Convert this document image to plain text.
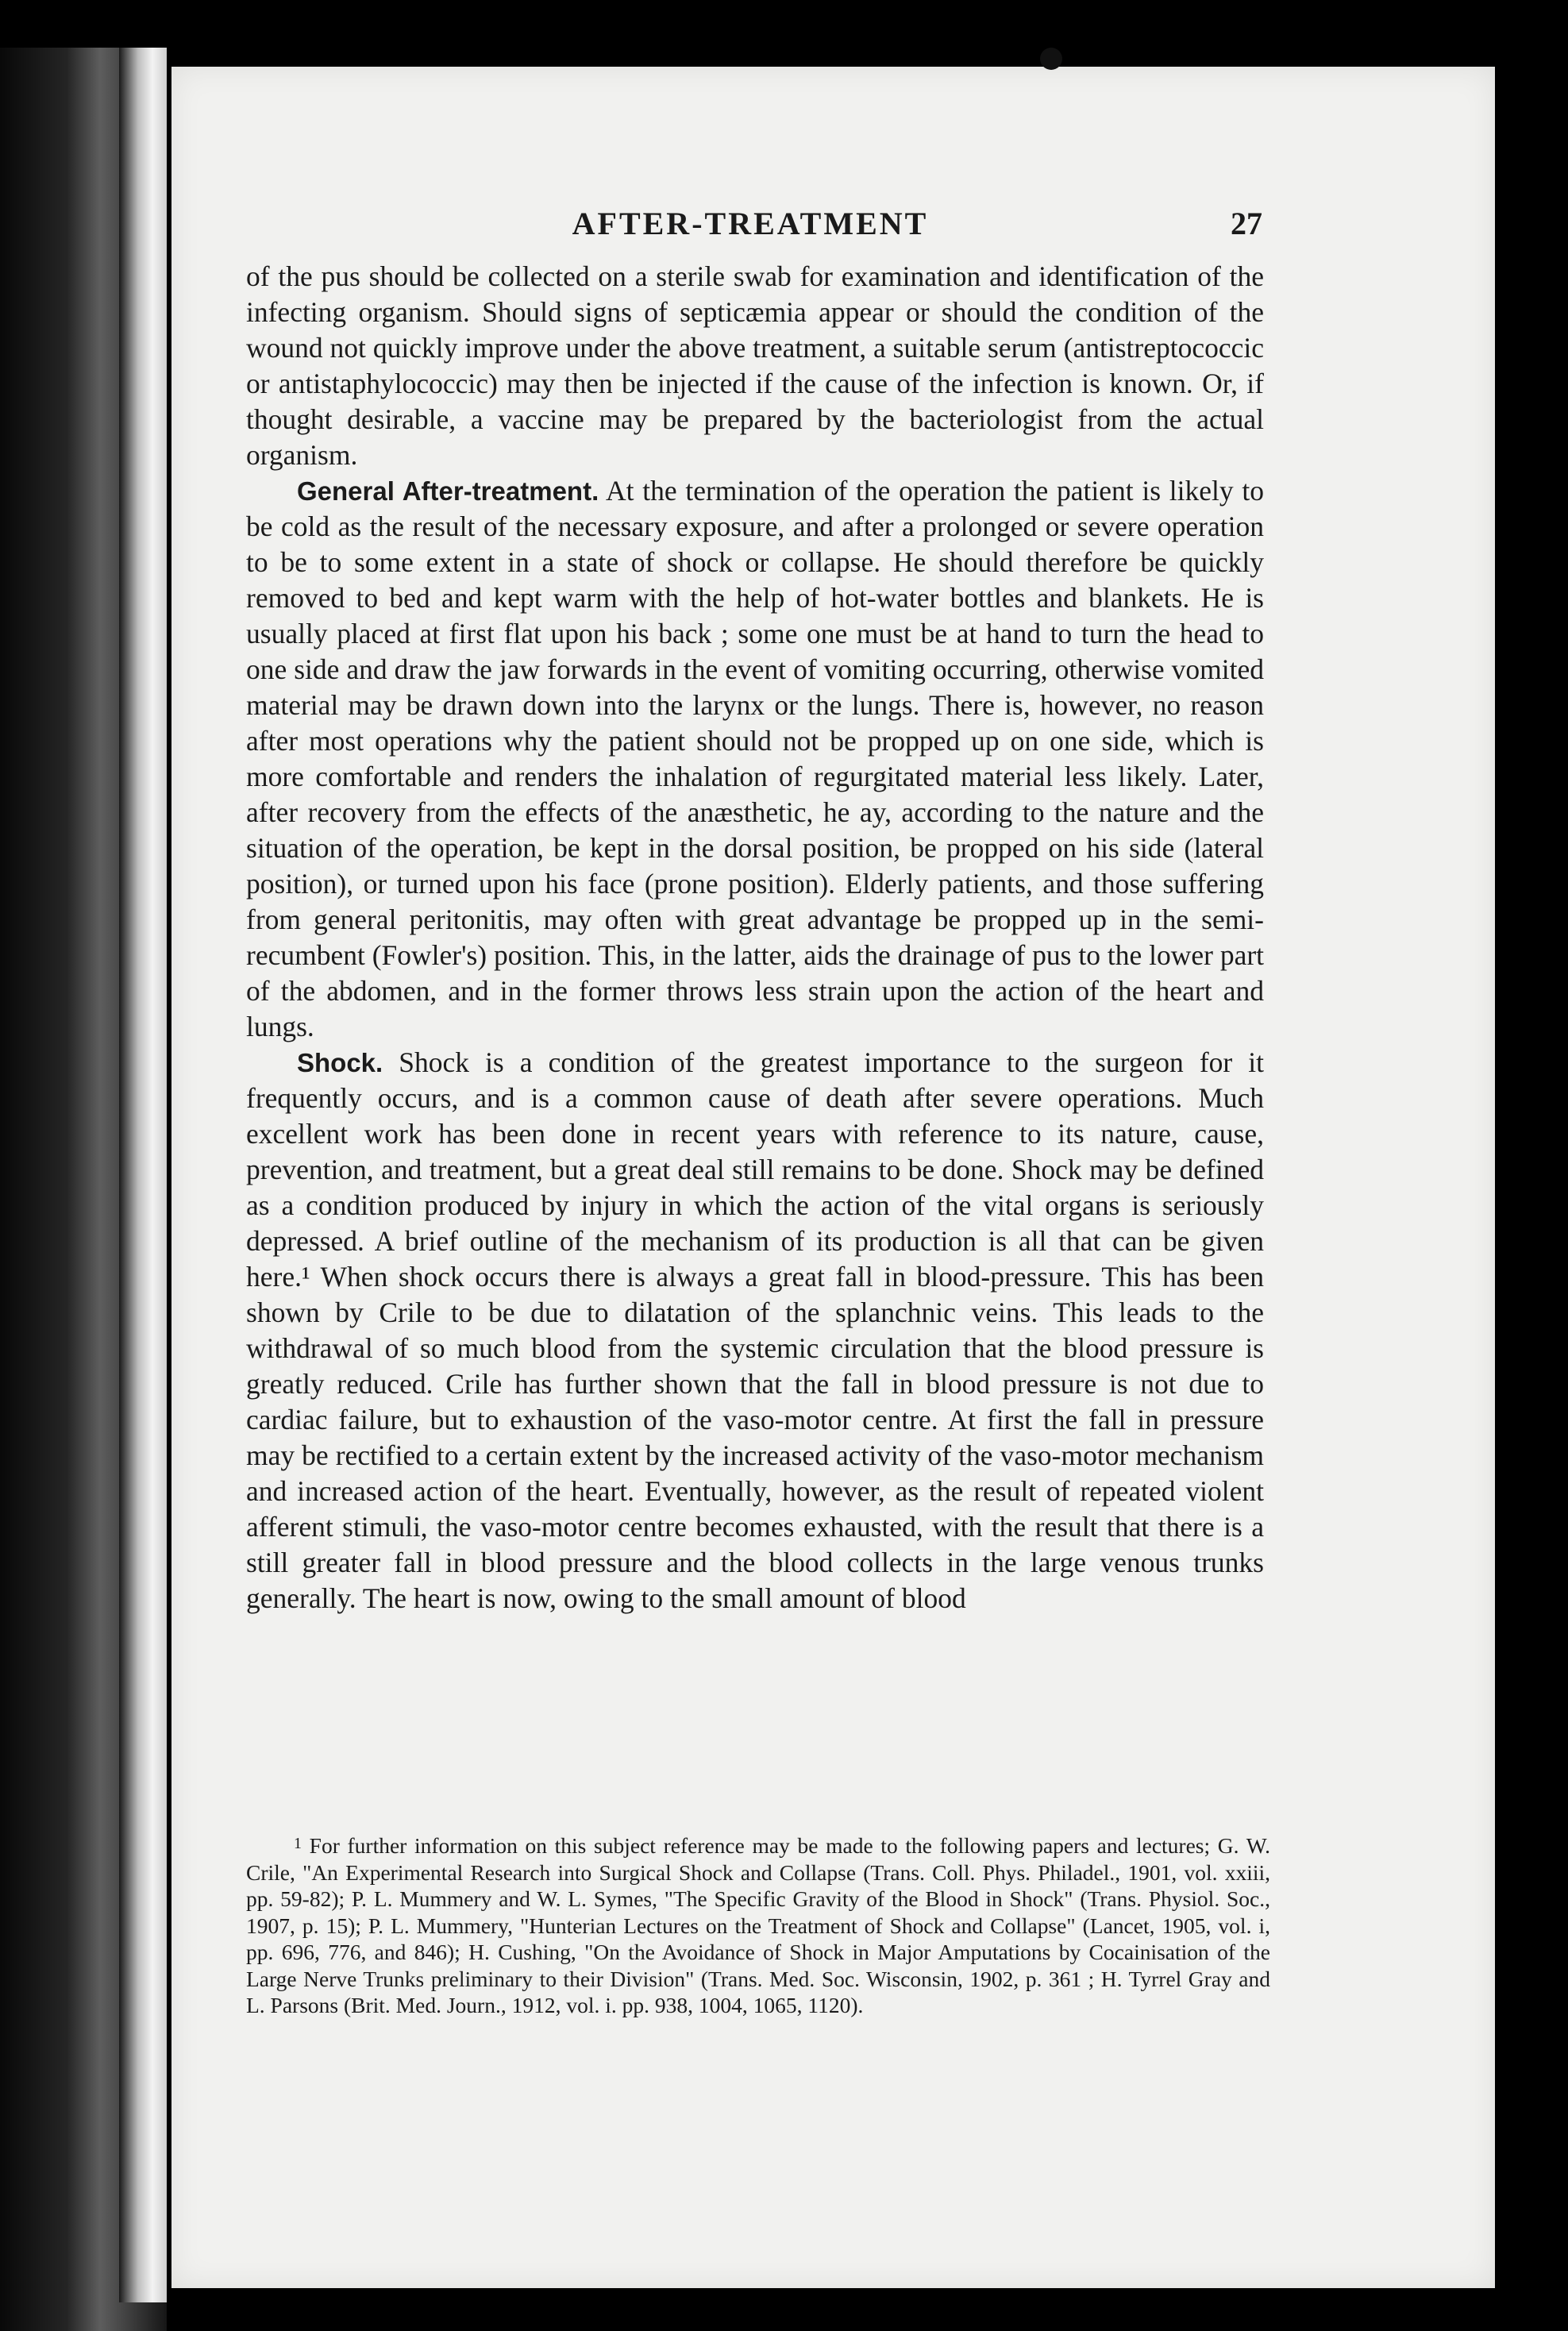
AFTER-TREATMENT	27

of the pus should be collected on a sterile swab for examination and identification of the infecting organism. Should signs of septicæmia appear or should the condition of the wound not quickly improve under the above treatment, a suitable serum (antistreptococcic or antistaphylococcic) may then be injected if the cause of the infection is known. Or, if thought desirable, a vaccine may be prepared by the bacteriologist from the actual organism.

General After-treatment. At the termination of the operation the patient is likely to be cold as the result of the necessary exposure, and after a prolonged or severe operation to be to some extent in a state of shock or collapse. He should therefore be quickly removed to bed and kept warm with the help of hot-water bottles and blankets. He is usually placed at first flat upon his back ; some one must be at hand to turn the head to one side and draw the jaw forwards in the event of vomiting occurring, otherwise vomited material may be drawn down into the larynx or the lungs. There is, however, no reason after most operations why the patient should not be propped up on one side, which is more comfortable and renders the inhalation of regurgitated material less likely. Later, after recovery from the effects of the anæsthetic, he ay, according to the nature and the situation of the operation, be kept in the dorsal position, be propped on his side (lateral position), or turned upon his face (prone position). Elderly patients, and those suffering from general peritonitis, may often with great advantage be propped up in the semi-recumbent (Fowler's) position. This, in the latter, aids the drainage of pus to the lower part of the abdomen, and in the former throws less strain upon the action of the heart and lungs.

Shock. Shock is a condition of the greatest importance to the surgeon for it frequently occurs, and is a common cause of death after severe operations. Much excellent work has been done in recent years with reference to its nature, cause, prevention, and treatment, but a great deal still remains to be done. Shock may be defined as a condition produced by injury in which the action of the vital organs is seriously depressed. A brief outline of the mechanism of its production is all that can be given here.¹ When shock occurs there is always a great fall in blood-pressure. This has been shown by Crile to be due to dilatation of the splanchnic veins. This leads to the withdrawal of so much blood from the systemic circulation that the blood pressure is greatly reduced. Crile has further shown that the fall in blood pressure is not due to cardiac failure, but to exhaustion of the vaso-motor centre. At first the fall in pressure may be rectified to a certain extent by the increased activity of the vaso-motor mechanism and increased action of the heart. Eventually, however, as the result of repeated violent afferent stimuli, the vaso-motor centre becomes exhausted, with the result that there is a still greater fall in blood pressure and the blood collects in the large venous trunks generally. The heart is now, owing to the small amount of blood

$^1$ For further information on this subject reference may be made to the following papers and lectures; G. W. Crile, "An Experimental Research into Surgical Shock and Collapse (Trans. Coll. Phys. Philadel., 1901, vol. xxiii, pp. 59-82); P. L. Mummery and W. L. Symes, "The Specific Gravity of the Blood in Shock" (Trans. Physiol. Soc., 1907, p. 15); P. L. Mummery, "Hunterian Lectures on the Treatment of Shock and Collapse" (Lancet, 1905, vol. i, pp. 696, 776, and 846); H. Cushing, "On the Avoidance of Shock in Major Amputations by Cocainisation of the Large Nerve Trunks preliminary to their Division" (Trans. Med. Soc. Wisconsin, 1902, p. 361 ; H. Tyrrel Gray and L. Parsons (Brit. Med. Journ., 1912, vol. i. pp. 938, 1004, 1065, 1120).
